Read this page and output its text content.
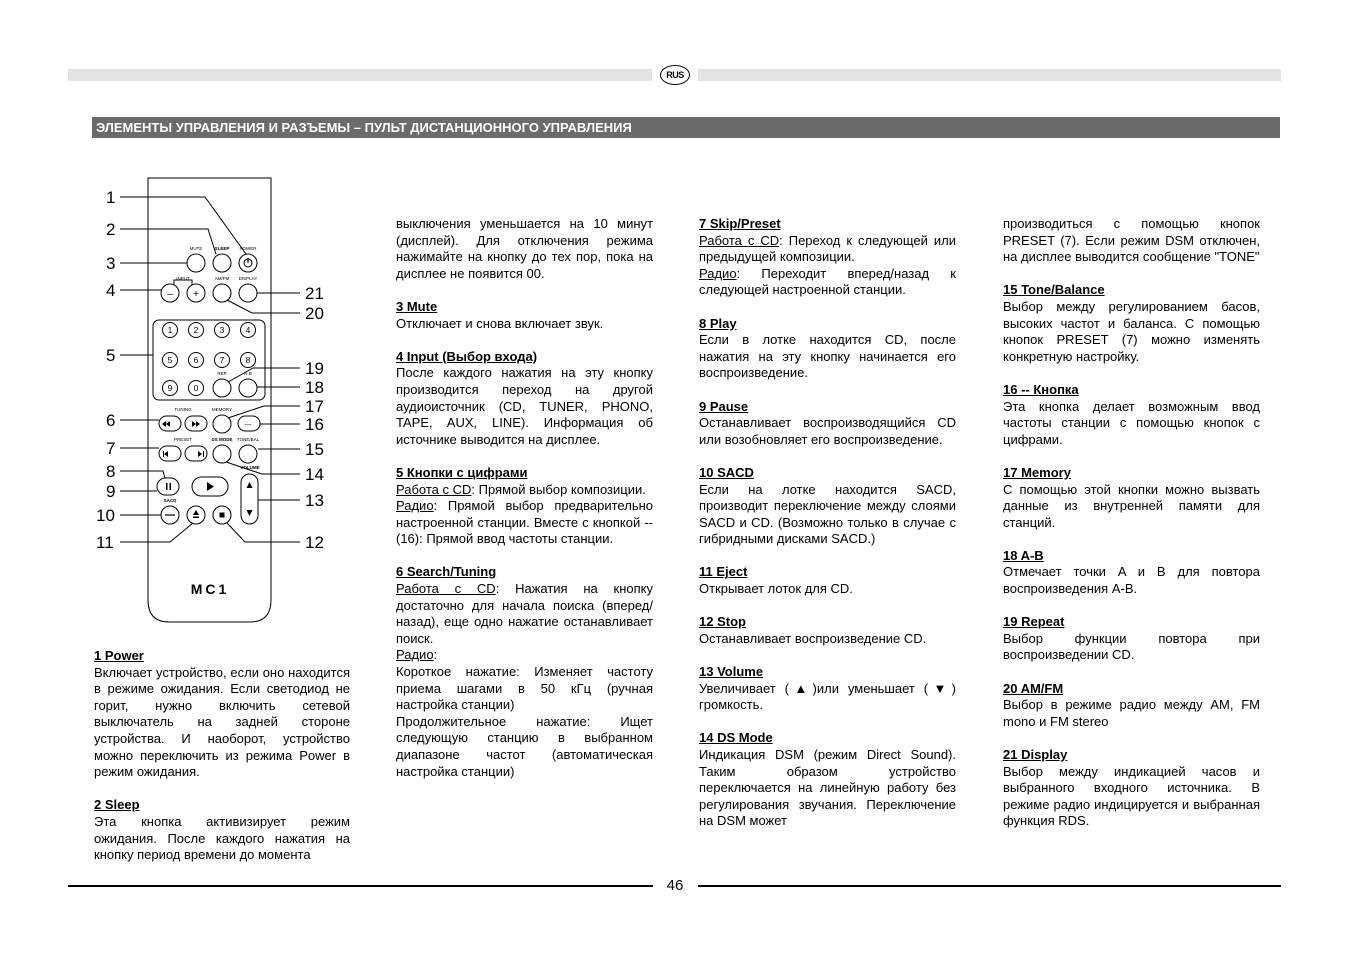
RUS
ЭЛЕМЕНТЫ УПРАВЛЕНИЯ И РАЗЪЕМЫ – ПУЛЬТ ДИСТАНЦИОННОГО УПРАВЛЕНИЯ
– +
---
1	2	3	4
5	6	7	8
9	0
MUTE	SLEEP POWER
INPUT	AM/FM DISPLAY
REP	A-B
TUNING	MEMORY
PRESET	DS MODE TONE/BAL
VOLUME
SACD
MC1
1
2
3
4
5
6
7
8
9
10
11	12
13
14
15
16
17
18
19
20
21
1 Power

Включает устройство, если оно находится в режиме ожидания. Если светодиод не горит, нужно включить сетевой выключатель на задней стороне устройства. И наоборот, устройство можно переключить из режима Power в режим ожидания.

2 Sleep

Эта кнопка активизирует режим ожидания. После каждого нажатия на кнопку период времени до момента

выключения уменьшается на 10 минут (дисплей). Для отключения режима нажимайте на кнопку до тех пор, пока на дисплее не появится 00.

3 Mute

Отключает и снова включает звук.

4 Input (Выбор входа)

После каждого нажатия на эту кнопку производится переход на другой аудиоисточник (CD, TUNER, PHONO, TAPE, AUX, LINE). Информация об источнике выводится на дисплее.

5 Кнопки с цифрами

Работа с CD: Прямой выбор композиции.

Радио: Прямой выбор предварительно настроенной станции. Вместе с кнопкой -- (16): Прямой ввод частоты станции.

6 Search/Tuning

Работа с CD: Нажатия на кнопку достаточно для начала поиска (вперед/назад), еще одно нажатие останавливает поиск.

Радио:

Короткое нажатие: Изменяет частоту приема шагами в 50 кГц (ручная настройка станции)

Продолжительное нажатие: Ищет следующую станцию в выбранном диапазоне частот (автоматическая настройка станции)

7 Skip/Preset

Работа с CD: Переход к следующей или предыдущей композиции.

Радио: Переходит вперед/назад к следующей настроенной станции.

8 Play

Если в лотке находится CD, после нажатия на эту кнопку начинается его воспроизведение.

9 Pause

Останавливает воспроизводящийся CD или возобновляет его воспроизведение.

10 SACD

Если на лотке находится SACD, производит переключение между слоями SACD и CD. (Возможно только в случае с гибридными дисками SACD.)

11 Eject

Открывает лоток для CD.

12 Stop

Останавливает воспроизведение CD.

13 Volume

Увеличивает (▲)или уменьшает (▼) громкость.

14 DS Mode

Индикация DSM (режим Direct Sound). Таким образом устройство переключается на линейную работу без регулирования звучания. Переключение на DSM может

производиться с помощью кнопок PRESET (7). Если режим DSM отключен, на дисплее выводится сообщение "TONE"

15 Tone/Balance

Выбор между регулированием басов, высоких частот и баланса. С помощью кнопок PRESET (7) можно изменять конкретную настройку.

16 -- Кнопка

Эта кнопка делает возможным ввод частоты станции с помощью кнопок с цифрами.

17 Memory

С помощью этой кнопки можно вызвать данные из внутренней памяти для станций.

18 A-B

Отмечает точки A и B для повтора воспроизведения A-B.

19 Repeat

Выбор функции повтора при воспроизведении CD.

20 AM/FM

Выбор в режиме радио между AM, FM mono и FM stereo

21 Display

Выбор между индикацией часов и выбранного входного источника. В режиме радио индицируется и выбранная функция RDS.

46
